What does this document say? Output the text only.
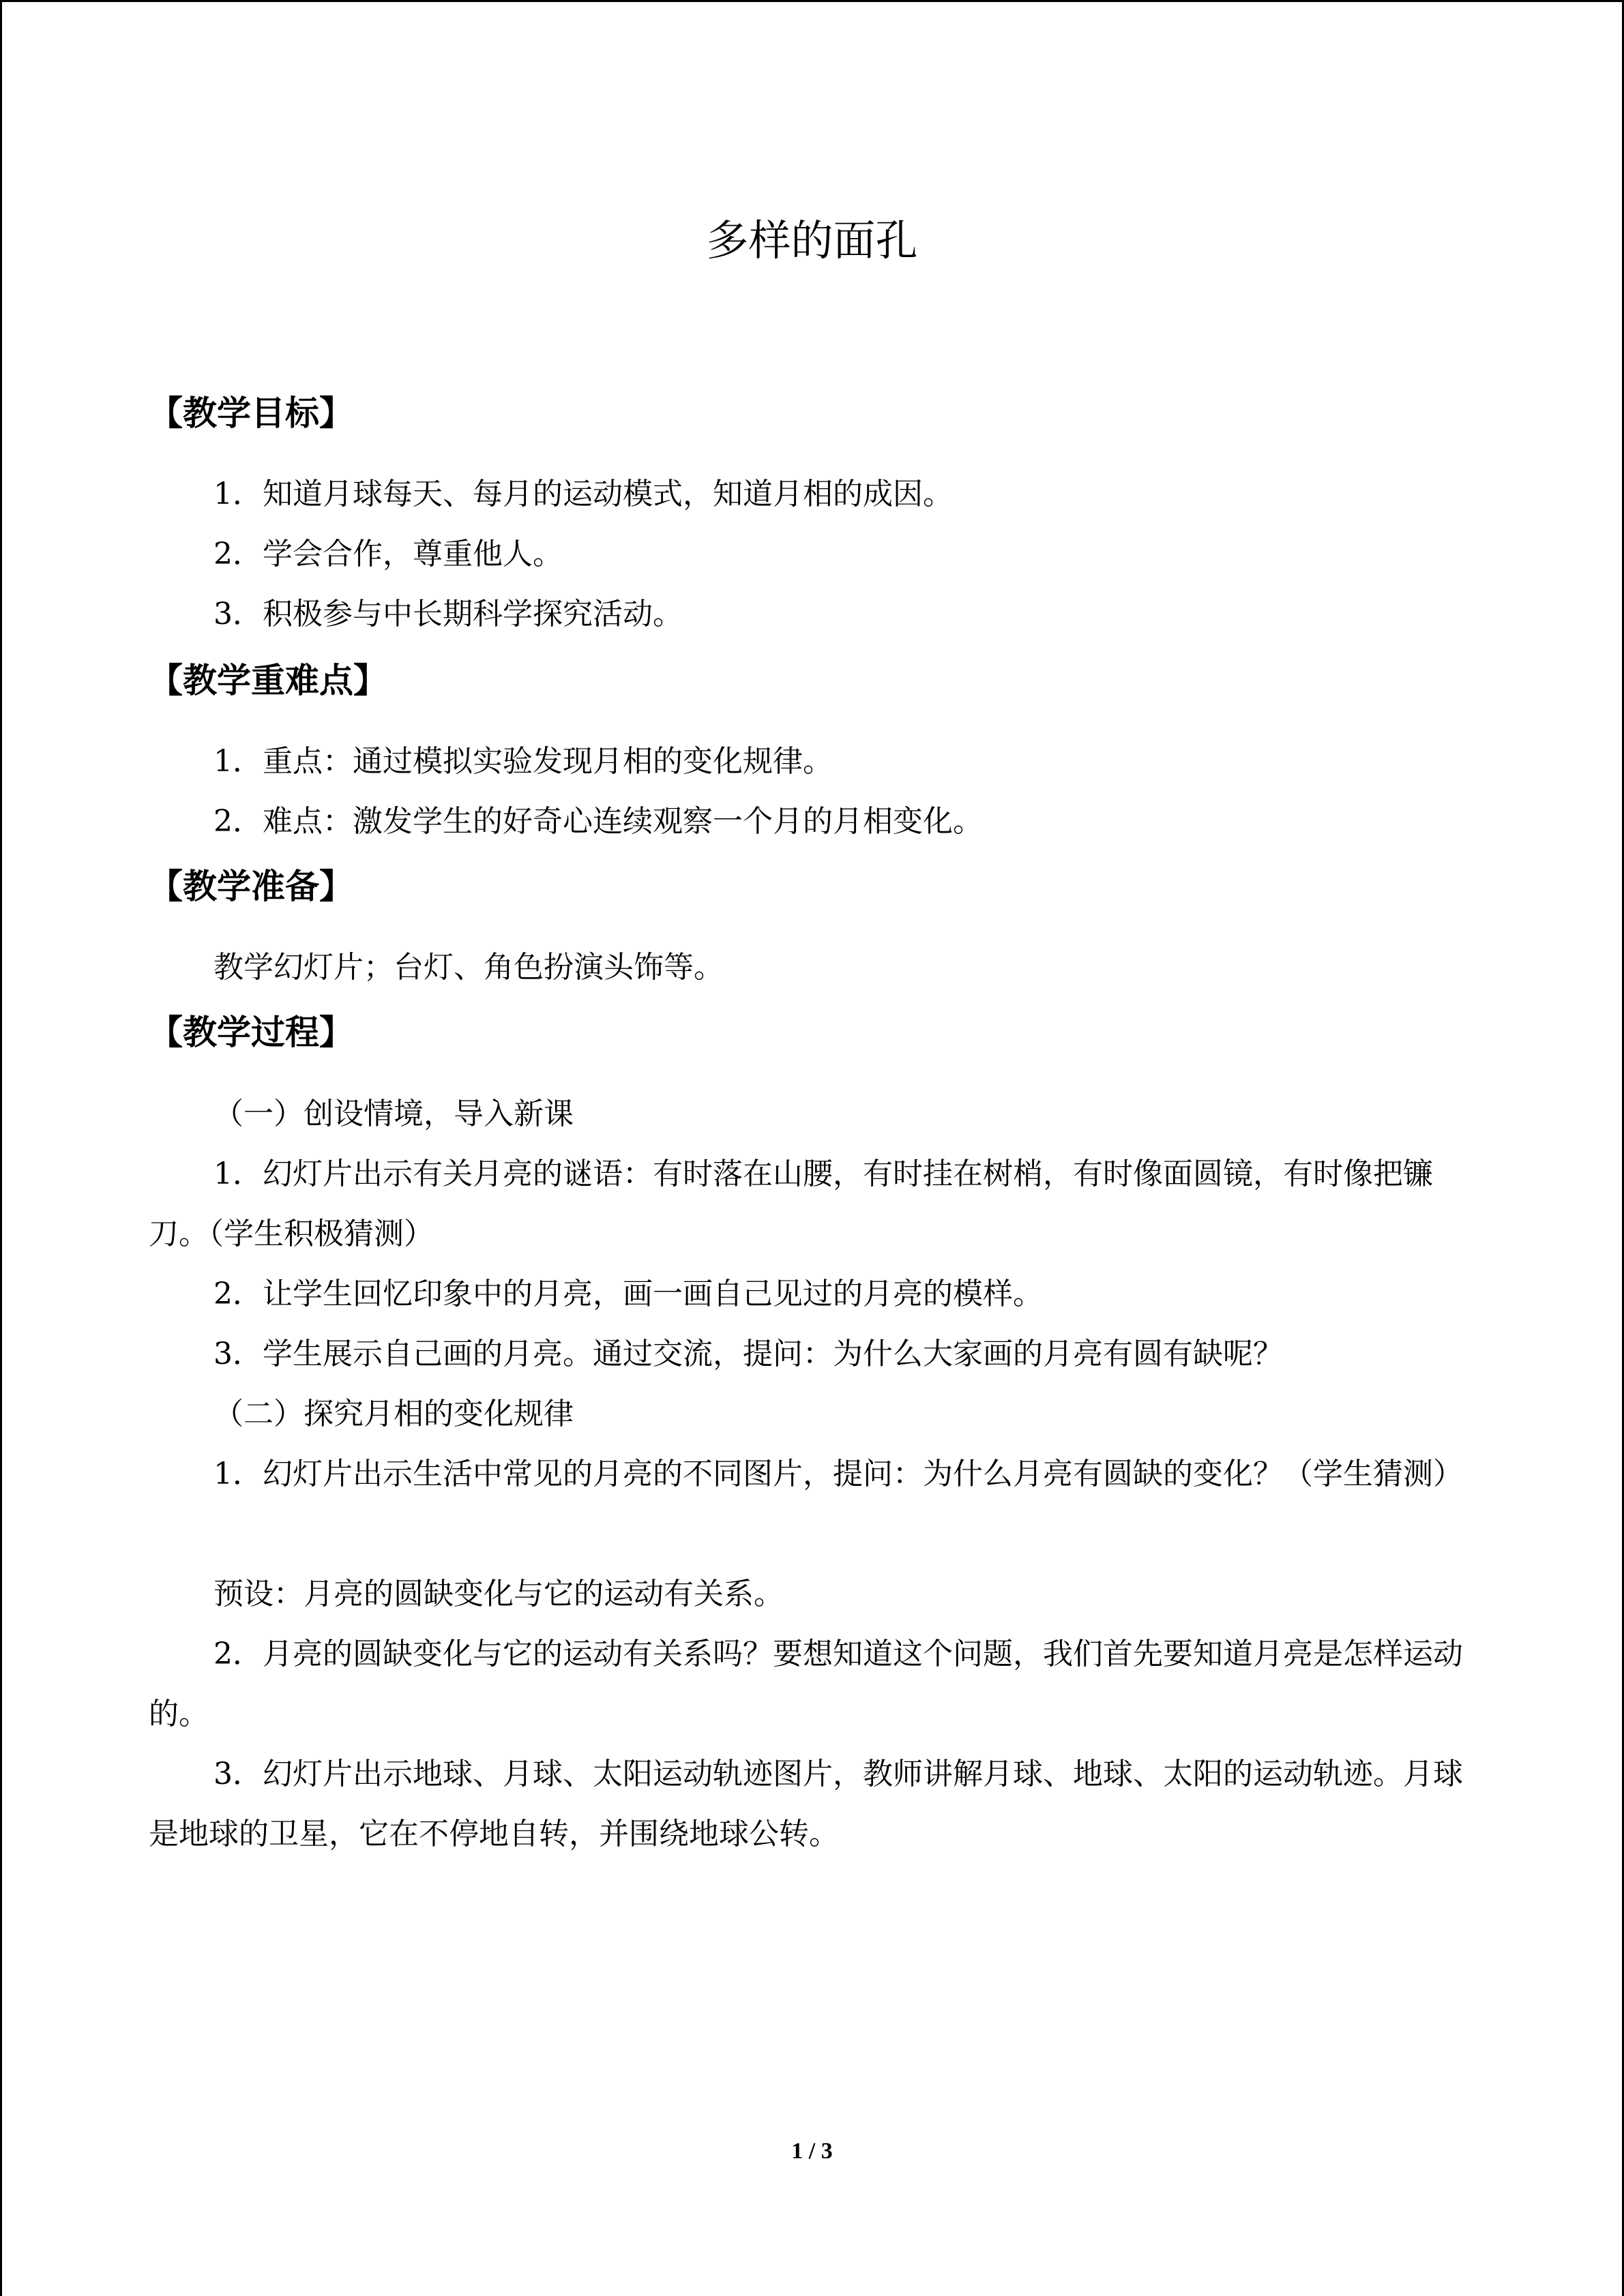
多样的面孔
【教学目标】
1．知道月球每天、每月的运动模式，知道月相的成因。
2．学会合作，尊重他人。
3．积极参与中长期科学探究活动。
【教学重难点】
1．重点：通过模拟实验发现月相的变化规律。
2．难点：激发学生的好奇心连续观察一个月的月相变化。
【教学准备】
教学幻灯片；台灯、角色扮演头饰等。
【教学过程】
（一）创设情境，导入新课
1．幻灯片出示有关月亮的谜语：有时落在山腰，有时挂在树梢，有时像面圆镜，有时像把镰刀。（学生积极猜测）
2．让学生回忆印象中的月亮，画一画自己见过的月亮的模样。
3．学生展示自己画的月亮。通过交流，提问：为什么大家画的月亮有圆有缺呢？
（二）探究月相的变化规律
1．幻灯片出示生活中常见的月亮的不同图片，提问：为什么月亮有圆缺的变化？（学生猜测）
预设：月亮的圆缺变化与它的运动有关系。
2．月亮的圆缺变化与它的运动有关系吗？要想知道这个问题，我们首先要知道月亮是怎样运动的。
3．幻灯片出示地球、月球、太阳运动轨迹图片，教师讲解月球、地球、太阳的运动轨迹。月球是地球的卫星，它在不停地自转，并围绕地球公转。
1 / 3
